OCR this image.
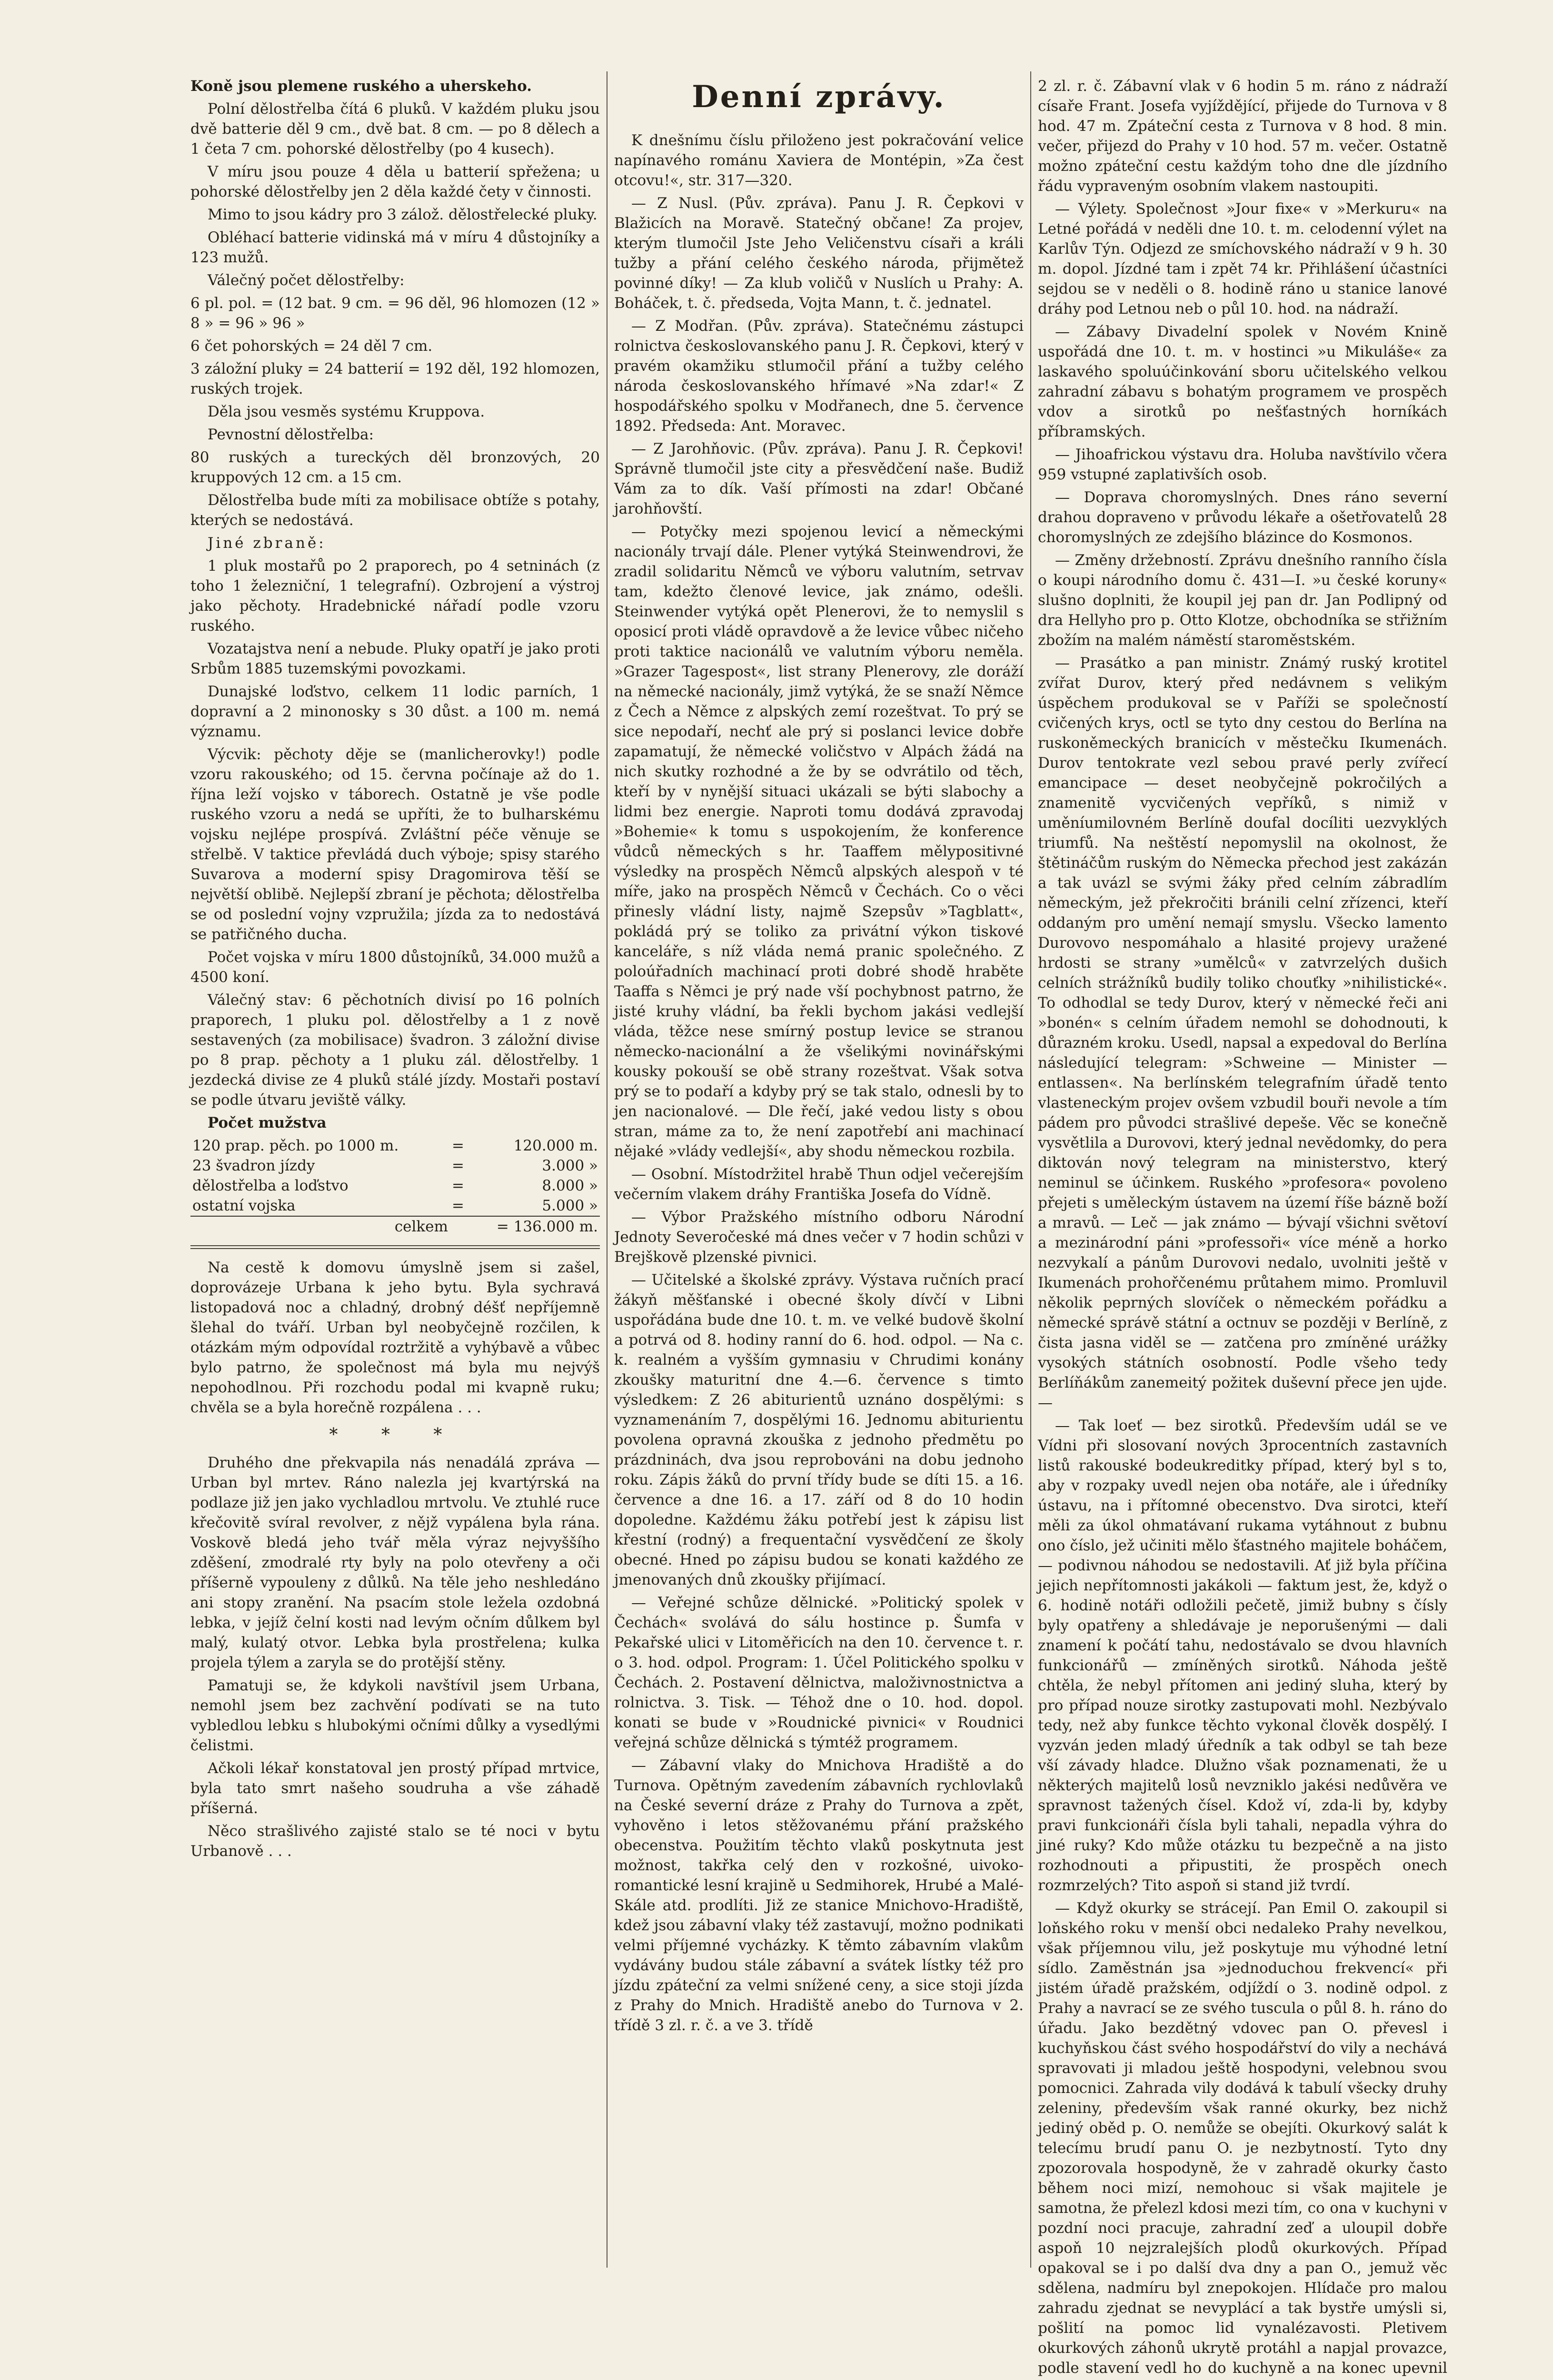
Koně jsou plemene ruského a uherskeho.

Polní dělostřelba čítá 6 pluků. V každém pluku jsou dvě batterie děl 9 cm., dvě bat. 8 cm. — po 8 dělech a 1 četa 7 cm. pohorské dělostřelby (po 4 kusech).

V míru jsou pouze 4 děla u batterií spřežena; u pohorské dělostřelby jen 2 děla každé čety v činnosti.

Mimo to jsou kádry pro 3 zálož. dělostřelecké pluky.

Obléhací batterie vidinská má v míru 4 důstojníky a 123 mužů.

Válečný počet dělostřelby:

6 pl. pol. = (12 bat. 9 cm. = 96 děl, 96 hlomozen (12 » 8 » = 96 » 96 »

6 čet pohorských = 24 děl 7 cm.

3 záložní pluky = 24 batterií = 192 děl, 192 hlomozen, ruských trojek.

Děla jsou vesměs systému Kruppova.

Pevnostní dělostřelba:

80 ruských a tureckých děl bronzových, 20 kruppových 12 cm. a 15 cm.

Dělostřelba bude míti za mobilisace obtíže s potahy, kterých se nedostává.

Jiné zbraně:

1 pluk mostařů po 2 praporech, po 4 setninách (z toho 1 železniční, 1 telegrafní). Ozbrojení a výstroj jako pěchoty. Hradebnické nářadí podle vzoru ruského.

Vozatajstva není a nebude. Pluky opatří je jako proti Srbům 1885 tuzemskými povozkami.

Dunajské loďstvo, celkem 11 lodic parních, 1 dopravní a 2 minonosky s 30 důst. a 100 m. nemá významu.

Výcvik: pěchoty děje se (manlicherovky!) podle vzoru rakouského; od 15. června počínaje až do 1. října leží vojsko v táborech. Ostatně je vše podle ruského vzoru a nedá se upříti, že to bulharskému vojsku nejlépe prospívá. Zvláštní péče věnuje se střelbě. V taktice převládá duch výboje; spisy starého Suvarova a moderní spisy Dragomirova těší se největší oblibě. Nejlepší zbraní je pěchota; dělostřelba se od poslední vojny vzpružila; jízda za to nedostává se patřičného ducha.

Počet vojska v míru 1800 důstojníků, 34.000 mužů a 4500 koní.

Válečný stav: 6 pěchotních divisí po 16 polních praporech, 1 pluku pol. dělostřelby a 1 z nově sestavených (za mobilisace) švadron. 3 záložní divise po 8 prap. pěchoty a 1 pluku zál. dělostřelby. 1 jezdecká divise ze 4 pluků stálé jízdy. Mostaři postaví se podle útvaru jeviště války.

Počet mužstva

120 prap. pěch. po 1000 m.	=	120.000 m.
23 švadron jízdy	=	3.000 »
dělostřelba a loďstvo	=	8.000 »
ostatní vojska	=	5.000 »
celkem		= 136.000 m.

Na cestě k domovu úmyslně jsem si zašel, doprovázeje Urbana k jeho bytu. Byla sychravá listopadová noc a chladný, drobný déšť nepříjemně šlehal do tváří. Urban byl neobyčejně rozčilen, k otázkám mým odpovídal roztržitě a vyhýbavě a vůbec bylo patrno, že společnost má byla mu nejvýš nepohodlnou. Při rozchodu podal mi kvapně ruku; chvěla se a byla horečně rozpálena . . .

* * *

Druhého dne překvapila nás nenadálá zpráva — Urban byl mrtev. Ráno nalezla jej kvartýrská na podlaze již jen jako vychladlou mrtvolu. Ve ztuhlé ruce křečovitě svíral revolver, z nějž vypálena byla rána. Voskově bledá jeho tvář měla výraz nejvyššího zděšení, zmodralé rty byly na polo otevřeny a oči příšerně vypouleny z důlků. Na těle jeho neshledáno ani stopy zranění. Na psacím stole ležela ozdobná lebka, v jejíž čelní kosti nad levým očním důlkem byl malý, kulatý otvor. Lebka byla prostřelena; kulka projela týlem a zaryla se do protější stěny.

Pamatuji se, že kdykoli navštívil jsem Urbana, nemohl jsem bez zachvění podívati se na tuto vybledlou lebku s hlubokými očními důlky a vysedlými čelistmi.

Ačkoli lékař konstatoval jen prostý případ mrtvice, byla tato smrt našeho soudruha a vše záhadě příšerná.

Něco strašlivého zajisté stalo se té noci v bytu Urbanově . . .

Denní zprávy.

K dnešnímu číslu přiloženo jest pokračování velice napínavého románu Xaviera de Montépin, »Za čest otcovu!«, str. 317—320.

— Z Nusl. (Pův. zpráva). Panu J. R. Čepkovi v Blažicích na Moravě. Statečný občane! Za projev, kterým tlumočil Jste Jeho Veličenstvu císaři a králi tužby a přání celého českého národa, přijmětež povinné díky! — Za klub voličů v Nuslích u Prahy: A. Boháček, t. č. předseda, Vojta Mann, t. č. jednatel.

— Z Modřan. (Pův. zpráva). Statečnému zástupci rolnictva českoslovanského panu J. R. Čepkovi, který v pravém okamžiku stlumočil přání a tužby celého národa českoslovanského hřímavé »Na zdar!« Z hospodářského spolku v Modřanech, dne 5. července 1892. Předseda: Ant. Moravec.

— Z Jarohňovic. (Pův. zpráva). Panu J. R. Čepkovi! Správně tlumočil jste city a přesvědčení naše. Budiž Vám za to dík. Vaší přímosti na zdar! Občané jarohňovští.

— Potyčky mezi spojenou levicí a německými nacionály trvají dále. Plener vytýká Steinwendrovi, že zradil solidaritu Němců ve výboru valutním, setrvav tam, kdežto členové levice, jak známo, odešli. Steinwender vytýká opět Plenerovi, že to nemyslil s oposicí proti vládě opravdově a že levice vůbec ničeho proti taktice nacionálů ve valutním výboru neměla. »Grazer Tagespost«, list strany Plenerovy, zle doráží na německé nacionály, jimž vytýká, že se snaží Němce z Čech a Němce z alpských zemí rozeštvat. To prý se sice nepodaří, nechť ale prý si poslanci levice dobře zapamatují, že německé voličstvo v Alpách žádá na nich skutky rozhodné a že by se odvrátilo od těch, kteří by v nynější situaci ukázali se býti slabochy a lidmi bez energie. Naproti tomu dodává zpravodaj »Bohemie« k tomu s uspokojením, že konference vůdců německých s hr. Taaffem mělypositivné výsledky na prospěch Němců alpských alespoň v té míře, jako na prospěch Němců v Čechách. Co o věci přinesly vládní listy, najmě Szepsův »Tagblatt«, pokládá prý se toliko za privátní výkon tiskové kanceláře, s níž vláda nemá pranic společného. Z poloúřadních machinací proti dobré shodě hraběte Taaffa s Němci je prý nade vší pochybnost patrno, že jisté kruhy vládní, ba řekli bychom jakási vedlejší vláda, těžce nese smírný postup levice se stranou německo-nacionální a že všelikými novinářskými kousky pokouší se obě strany rozeštvat. Však sotva prý se to podaří a kdyby prý se tak stalo, odnesli by to jen nacionalové. — Dle řečí, jaké vedou listy s obou stran, máme za to, že není zapotřebí ani machinací nějaké »vlády vedlejší«, aby shodu německou rozbila.

— Osobní. Místodržitel hrabě Thun odjel večerejším večerním vlakem dráhy Františka Josefa do Vídně.

— Výbor Pražského místního odboru Národní Jednoty Severočeské má dnes večer v 7 hodin schůzi v Brejškově plzenské pivnici.

— Učitelské a školské zprávy. Výstava ručních prací žákyň měšťanské i obecné školy dívčí v Libni uspořádána bude dne 10. t. m. ve velké budově školní a potrvá od 8. hodiny ranní do 6. hod. odpol. — Na c. k. realném a vyšším gymnasiu v Chrudimi konány zkoušky maturitní dne 4.—6. července s timto výsledkem: Z 26 abiturientů uznáno dospělými: s vyznamenáním 7, dospělými 16. Jednomu abiturientu povolena opravná zkouška z jednoho předmětu po prázdninách, dva jsou reprobováni na dobu jednoho roku. Zápis žáků do první třídy bude se díti 15. a 16. července a dne 16. a 17. září od 8 do 10 hodin dopoledne. Každému žáku potřebí jest k zápisu list křestní (rodný) a frequentační vysvědčení ze školy obecné. Hned po zápisu budou se konati každého ze jmenovaných dnů zkoušky přijímací.

— Veřejné schůze dělnické. »Politický spolek v Čechách« svolává do sálu hostince p. Šumfa v Pekařské ulici v Litoměřicích na den 10. července t. r. o 3. hod. odpol. Program: 1. Účel Politického spolku v Čechách. 2. Postavení dělnictva, maloživnostnictva a rolnictva. 3. Tisk. — Téhož dne o 10. hod. dopol. konati se bude v »Roudnické pivnici« v Roudnici veřejná schůze dělnická s týmtéž programem.

— Zábavní vlaky do Mnichova Hradiště a do Turnova. Opětným zavedením zábavních rychlovlaků na České severní dráze z Prahy do Turnova a zpět, vyhověno i letos stěžovanému přání pražského obecenstva. Použitím těchto vlaků poskytnuta jest možnost, takřka celý den v rozkošné, uivoko-romantické lesní krajině u Sedmihorek, Hrubé a Malé-Skále atd. prodlíti. Již ze stanice Mnichovo-Hradiště, kdež jsou zábavní vlaky též zastavují, možno podnikati velmi příjemné vycházky. K těmto zábavním vlakům vydávány budou stále zábavní a svátek lístky též pro jízdu zpáteční za velmi snížené ceny, a sice stoji jízda z Prahy do Mnich. Hradiště anebo do Turnova v 2. třídě 3 zl. r. č. a ve 3. třídě

2 zl. r. č. Zábavní vlak v 6 hodin 5 m. ráno z nádraží císaře Frant. Josefa vyjíždějící, přijede do Turnova v 8 hod. 47 m. Zpáteční cesta z Turnova v 8 hod. 8 min. večer, přijezd do Prahy v 10 hod. 57 m. večer. Ostatně možno zpáteční cestu každým toho dne dle jízdního řádu vypraveným osobním vlakem nastoupiti.

— Výlety. Společnost »Jour fixe« v »Merkuru« na Letné pořádá v neděli dne 10. t. m. celodenní výlet na Karlův Týn. Odjezd ze smíchovského nádraží v 9 h. 30 m. dopol. Jízdné tam i zpět 74 kr. Přihlášení účastníci sejdou se v neděli o 8. hodině ráno u stanice lanové dráhy pod Letnou neb o půl 10. hod. na nádraží.

— Zábavy Divadelní spolek v Novém Knině uspořádá dne 10. t. m. v hostinci »u Mikuláše« za laskavého spoluúčinkování sboru učitelského velkou zahradní zábavu s bohatým programem ve prospěch vdov a sirotků po nešťastných horníkách příbramských.

— Jihoafrickou výstavu dra. Holuba navštívilo včera 959 vstupné zaplativších osob.

— Doprava choromyslných. Dnes ráno severní drahou dopraveno v průvodu lékaře a ošetřovatelů 28 choromyslných ze zdejšího blázince do Kosmonos.

— Změny držebností. Zprávu dnešního ranního čísla o koupi národního domu č. 431—I. »u české koruny« slušno doplniti, že koupil jej pan dr. Jan Podlipný od dra Hellyho pro p. Otto Klotze, obchodníka se střižním zbožím na malém náměstí staroměstském.

— Prasátko a pan ministr. Známý ruský krotitel zvířat Durov, který před nedávnem s velikým úspěchem produkoval se v Paříži se společností cvičených krys, octl se tyto dny cestou do Berlína na ruskoněmeckých branicích v městečku Ikumenách. Durov tentokrate vezl sebou pravé perly zvířecí emancipace — deset neobyčejně pokročilých a znamenitě vycvičených vepříků, s nimiž v uměníumilovném Berlíně doufal docíliti uezvyklých triumfů. Na neštěstí nepomyslil na okolnost, že štětináčům ruským do Německa přechod jest zakázán a tak uvázl se svými žáky před celním zábradlím německým, jež překročiti bránili celní zřízenci, kteří oddaným pro umění nemají smyslu. Všecko lamento Durovovo nespomáhalo a hlasité projevy uražené hrdosti se strany »umělců« v zatvrzelých dušich celních strážníků budily toliko chouťky »nihilistické«. To odhodlal se tedy Durov, který v německé řeči ani »bonén« s celním úřadem nemohl se dohodnouti, k důrazném kroku. Usedl, napsal a expedoval do Berlína následující telegram: »Schweine — Minister — entlassen«. Na berlínském telegrafním úřadě tento vlasteneckým projev ovšem vzbudil bouři nevole a tím pádem pro původci strašlivé depeše. Věc se konečně vysvětlila a Durovovi, který jednal nevědomky, do pera diktován nový telegram na ministerstvo, který neminul se účinkem. Ruského »profesora« povoleno přejeti s uměleckým ústavem na území říše bázně boží a mravů. — Leč — jak známo — bývají všichni světoví a mezinárodní páni »professoři« více méně a horko nezvykalí a pánům Durovovi nedalo, uvolniti ještě v Ikumenách prohořčenému průtahem mimo. Promluvil několik peprných slovíček o německém pořádku a německé správě státní a octnuv se později v Berlíně, z čista jasna viděl se — zatčena pro zmíněné urážky vysokých státních osobností. Podle všeho tedy Berlíňákům zanemeitý požitek duševní přece jen ujde. —

— Tak loeť — bez sirotků. Především udál se ve Vídni při slosovaní nových 3procentních zastavních listů rakouské bodeukreditky případ, který byl s to, aby v rozpaky uvedl nejen oba notáře, ale i úředníky ústavu, na i přítomné obecenstvo. Dva sirotci, kteří měli za úkol ohmatávaní rukama vytáhnout z bubnu ono číslo, jež učiniti mělo šťastného majitele boháčem, — podivnou náhodou se nedostavili. Ať již byla příčina jejich nepřítomnosti jakákoli — faktum jest, že, když o 6. hodině notáři odložili pečetě, jimiž bubny s čísly byly opatřeny a shledávaje je neporušenými — dali znamení k počátí tahu, nedostávalo se dvou hlavních funkcionářů — zmíněných sirotků. Náhoda ještě chtěla, že nebyl přítomen ani jediný sluha, který by pro případ nouze sirotky zastupovati mohl. Nezbývalo tedy, než aby funkce těchto vykonal člověk dospělý. I vyzván jeden mladý úředník a tak odbyl se tah beze vší závady hladce. Dlužno však poznamenati, že u některých majitelů losů nevzniklo jakési nedůvěra ve spravnost tažených čísel. Kdož ví, zda-li by, kdyby pravi funkcionáři čísla byli tahali, nepadla výhra do jiné ruky? Kdo může otázku tu bezpečně a na jisto rozhodnouti a připustiti, že prospěch onech rozmrzelých? Tito aspoň si stand již tvrdí.

— Když okurky se strácejí. Pan Emil O. zakoupil si loňského roku v menší obci nedaleko Prahy nevelkou, však příjemnou vilu, jež poskytuje mu výhodné letní sídlo. Zaměstnán jsa »jednoduchou frekvencí« při jistém úřadě pražském, odjíždí o 3. nodině odpol. z Prahy a navrací se ze svého tuscula o půl 8. h. ráno do úřadu. Jako bezdětný vdovec pan O. převesl i kuchyňskou část svého hospodářství do vily a nechává spravovati ji mladou ještě hospodyni, velebnou svou pomocnici. Zahrada vily dodává k tabulí všecky druhy zeleniny, především však ranné okurky, bez nichž jediný oběd p. O. nemůže se obejíti. Okurkový salát k telecímu brudí panu O. je nezbytností. Tyto dny zpozorovala hospodyně, že v zahradě okurky často během noci mizí, nemohouc si však majitele je samotna, že přelezl kdosi mezi tím, co ona v kuchyni v pozdní noci pracuje, zahradní zeď a uloupil dobře aspoň 10 nejzralejších plodů okurkových. Případ opakoval se i po další dva dny a pan O., jemuž věc sdělena, nadmíru byl znepokojen. Hlídače pro malou zahradu zjednat se nevyplácí a tak bystře umýsli si, pošlití na pomoc lid vynalézavosti. Pletivem okurkových záhonů ukrytě protáhl a napjal provazce, podle stavení vedl ho do kuchyně a na konec upevnil
